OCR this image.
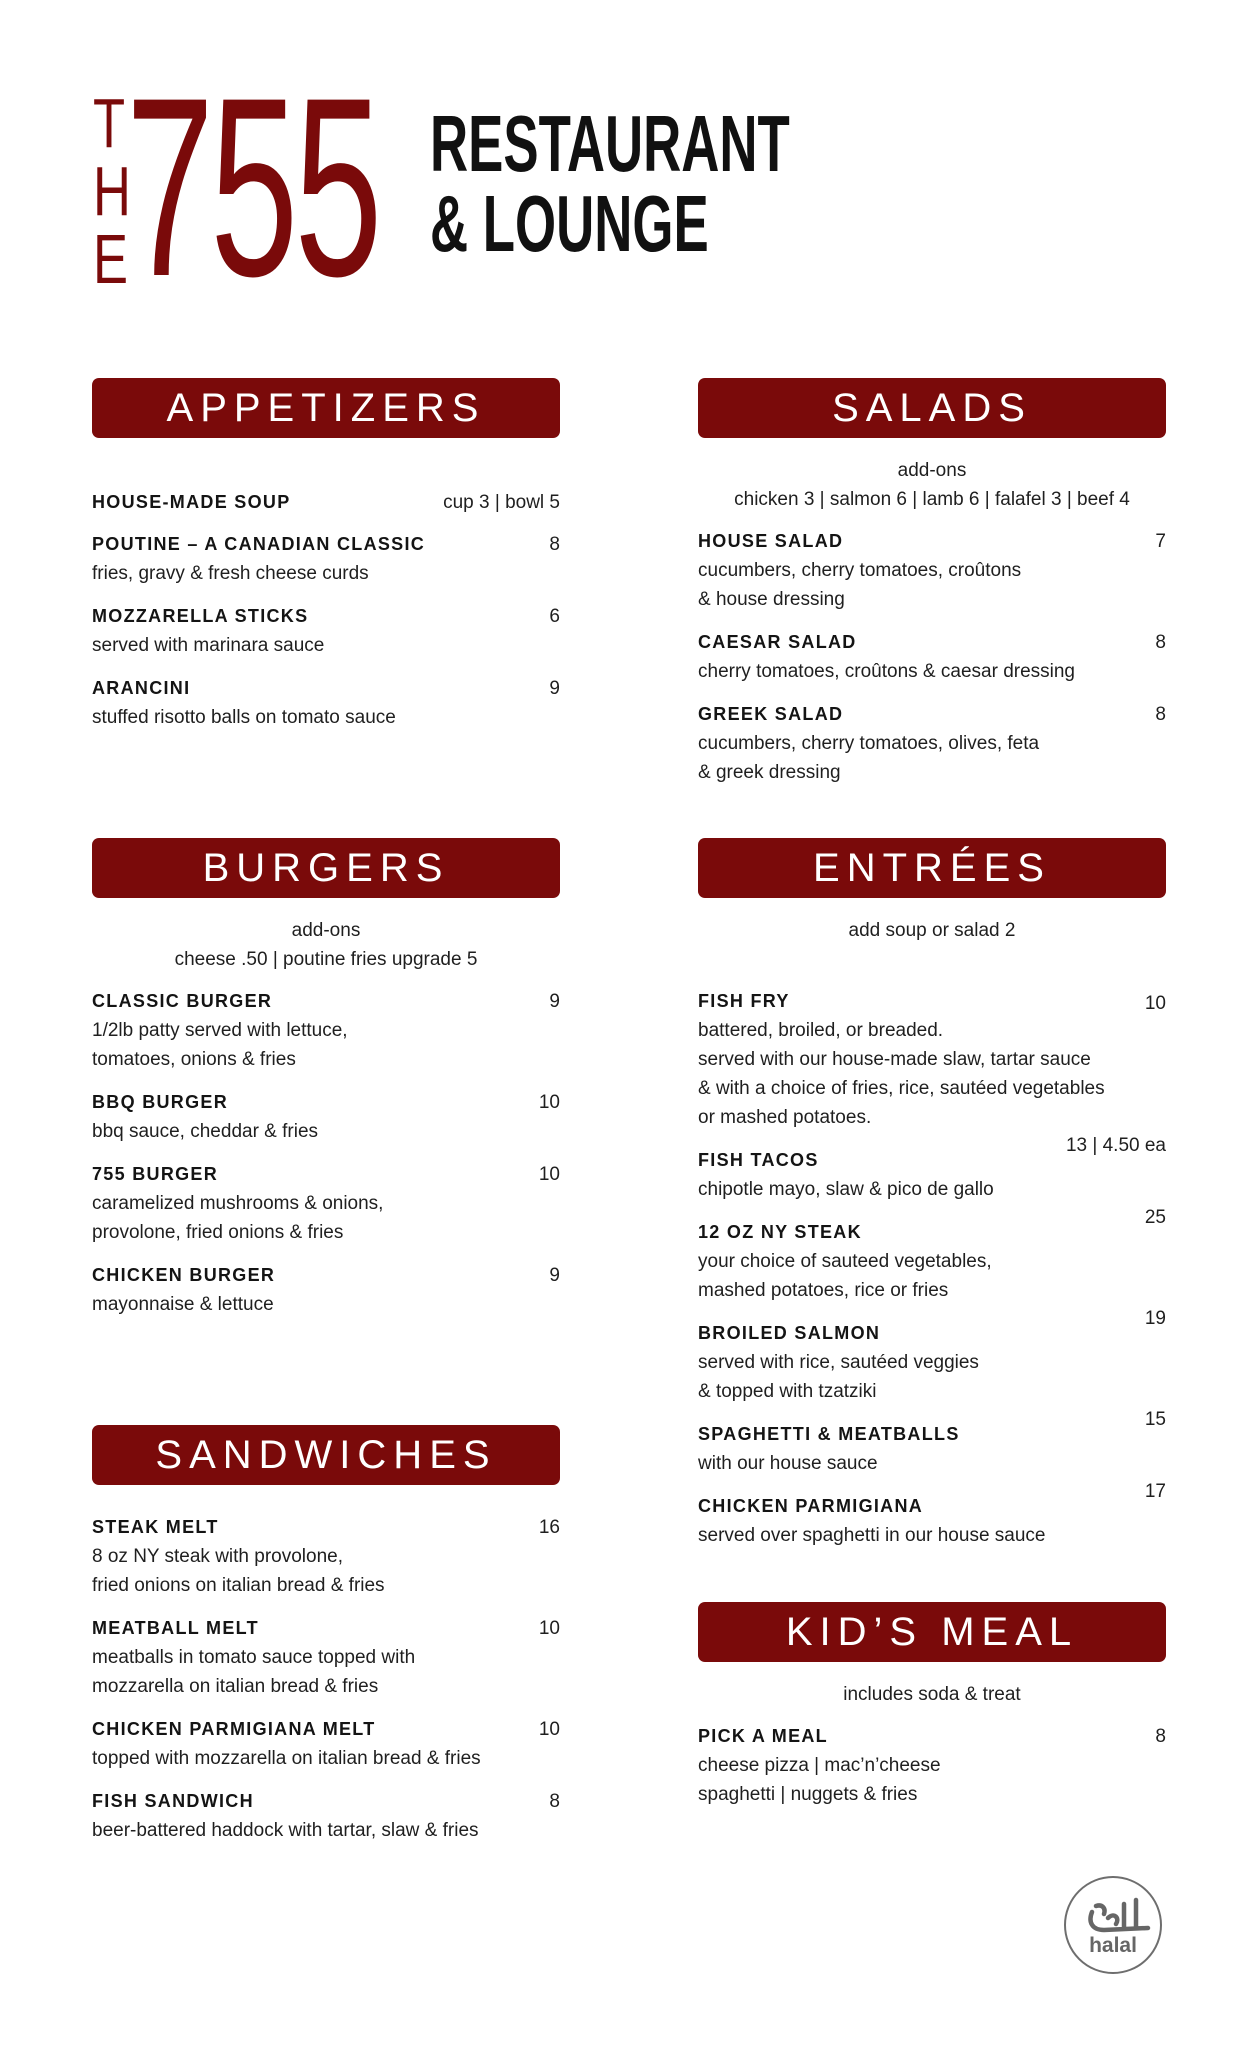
T
H
E
755 RESTAURANT
& LOUNGE
APPETIZERS
HOUSE-MADE SOUP	cup 3 | bowl 5
POUTINE – A CANADIAN CLASSIC
fries, gravy & fresh cheese curds
8
MOZZARELLA STICKS
served with marinara sauce
6
ARANCINI
stuffed risotto balls on tomato sauce
9
SALADS
add-ons
chicken 3 | salmon 6 | lamb 6 | falafel 3 | beef 4
HOUSE SALAD
cucumbers, cherry tomatoes, croûtons
& house dressing
7
CAESAR SALAD
cherry tomatoes, croûtons & caesar dressing
8
GREEK SALAD
cucumbers, cherry tomatoes, olives, feta
& greek dressing
8
BURGERS
add-ons
cheese .50 | poutine fries upgrade 5
CLASSIC BURGER
1/2lb patty served with lettuce,
tomatoes, onions & fries
9
BBQ BURGER
bbq sauce, cheddar & fries
10
755 BURGER
caramelized mushrooms & onions,
provolone, fried onions & fries
10
CHICKEN BURGER
mayonnaise & lettuce
9
ENTRÉES
add soup or salad 2
FISH FRY
battered, broiled, or breaded.
served with our house-made slaw, tartar sauce
& with a choice of fries, rice, sautéed vegetables
or mashed potatoes.
10
FISH TACOS
chipotle mayo, slaw & pico de gallo
13 | 4.50 ea
12 OZ NY STEAK
your choice of sauteed vegetables,
mashed potatoes, rice or fries
25
BROILED SALMON
served with rice, sautéed veggies
& topped with tzatziki
19
SPAGHETTI & MEATBALLS
with our house sauce
15
CHICKEN PARMIGIANA
served over spaghetti in our house sauce
17
SANDWICHES
STEAK MELT
8 oz NY steak with provolone,
fried onions on italian bread & fries
16
MEATBALL MELT
meatballs in tomato sauce topped with
mozzarella on italian bread & fries
10
CHICKEN PARMIGIANA MELT
topped with mozzarella on italian bread & fries
10
FISH SANDWICH
beer-battered haddock with tartar, slaw & fries
8
KID’S MEAL
includes soda & treat
PICK A MEAL
cheese pizza | mac’n’cheese
spaghetti | nuggets & fries
8
halal
